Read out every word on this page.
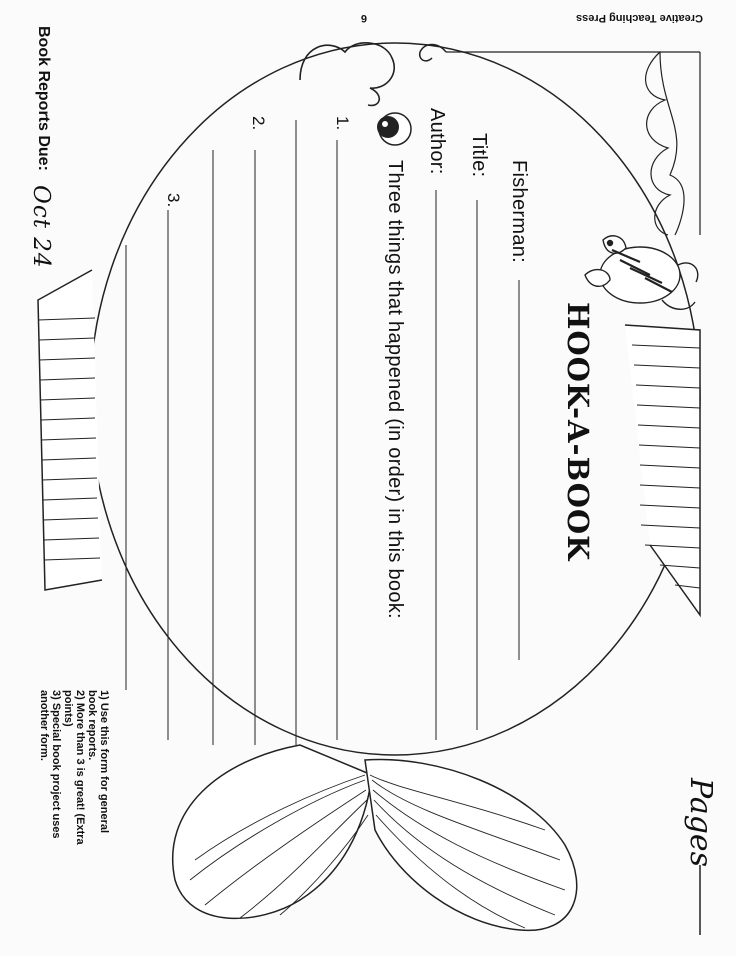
Creative Teaching Press
6
HOOK-A-BOOK
Fisherman:
Title:
Author:
Three things that happened (in order) in this book:
1.
2.
3.
Book Reports Due:
Oct 24
1) Use this form for general book reports.
2) More than 3 is great! (Extra points)
3) Special book project uses another form.
Pages
